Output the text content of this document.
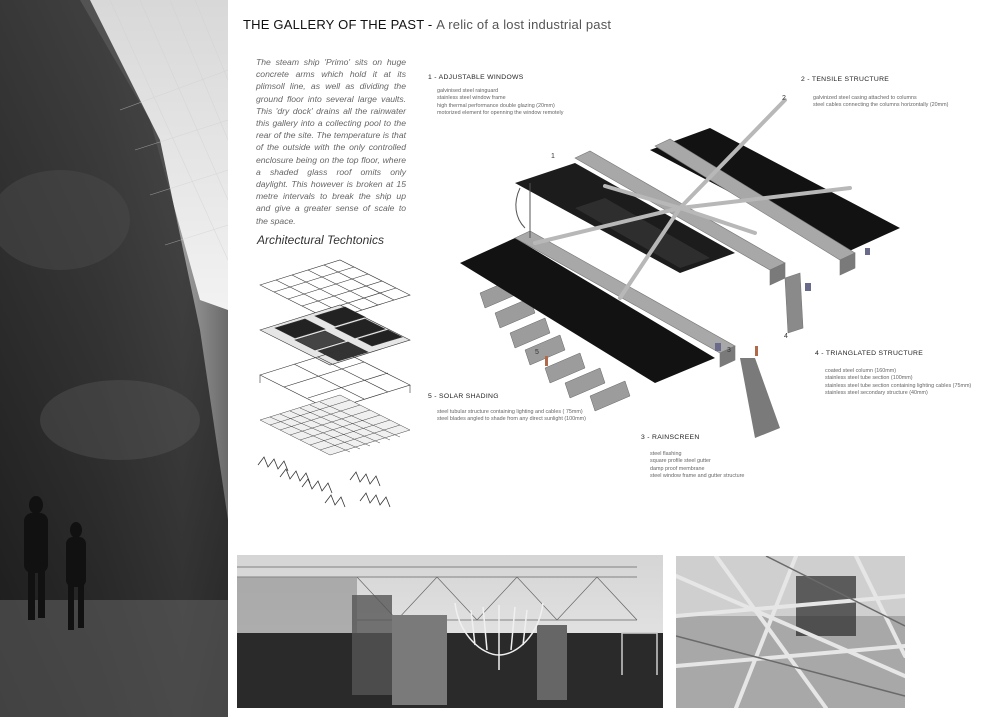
THE GALLERY OF THE PAST - A relic of a lost industrial past
The steam ship 'Primo' sits on huge concrete arms which hold it at its plimsoll line, as well as dividing the ground floor into several large vaults. This 'dry dock' drains all the rainwater this gallery into a collecting pool to the rear of the site. The temperature is that of the outside with the only controlled enclosure being on the top floor, where a shaded glass roof omits only daylight. This however is broken at 15 metre intervals to break the ship up and give a greater sense of scale to the space.
Architectural Techtonics
1
2
3
4
5
1 - ADJUSTABLE WINDOWS
galvinised steel rainguard
stainless steel window frame
high thermal performance double glazing (20mm)
motorized element for openning the window remotely
2 - TENSILE STRUCTURE
galvinized steel casing attached to columns
steel cables connecting the columns horizontally (20mm)
4 - TRIANGLATED STRUCTURE
coated steel column (160mm)
stainless steel tube section (100mm)
stainless steel tube section containing lighting cables (75mm)
stainless steel secondary structure (40mm)
5 - SOLAR SHADING
steel tubular structure containing lighting and cables ( 75mm)
steel blades angled to shade from any direct sunlight (100mm)
3 - RAINSCREEN
steel flashing
square profile steel gutter
damp proof membrane
steel window frame and gutter structure
